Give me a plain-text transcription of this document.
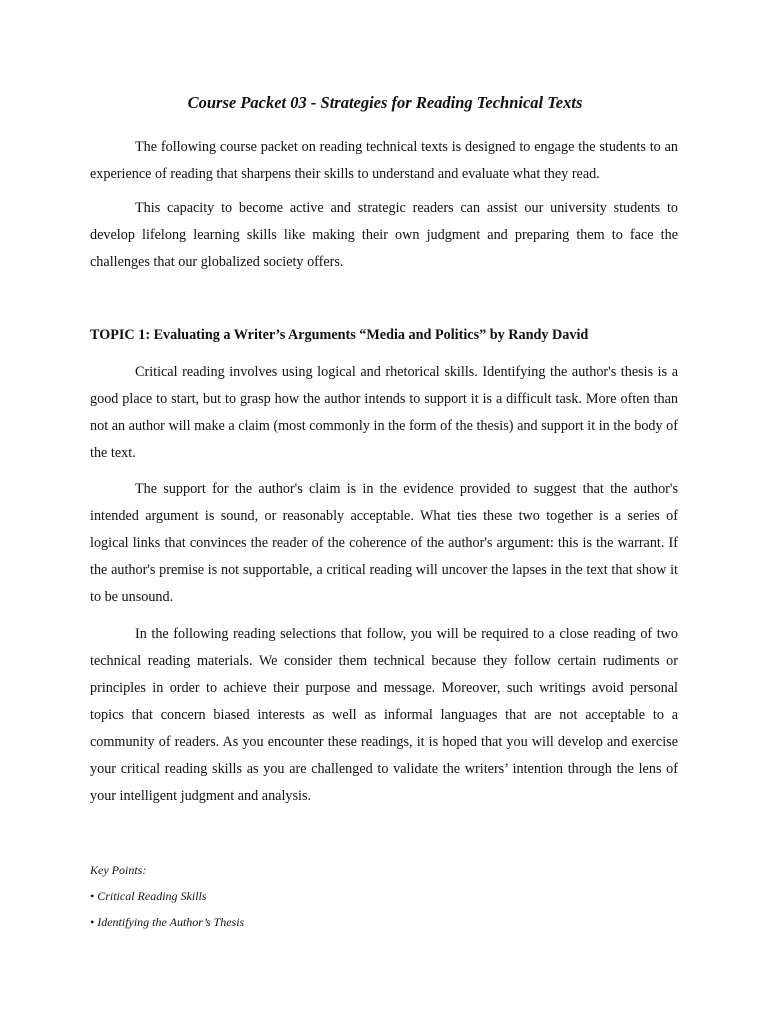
Course Packet 03 - Strategies for Reading Technical Texts

The following course packet on reading technical texts is designed to engage the students to an experience of reading that sharpens their skills to understand and evaluate what they read.

This capacity to become active and strategic readers can assist our university students to develop lifelong learning skills like making their own judgment and preparing them to face the challenges that our globalized society offers.

TOPIC 1: Evaluating a Writer’s Arguments “Media and Politics” by Randy David

Critical reading involves using logical and rhetorical skills. Identifying the author's thesis is a good place to start, but to grasp how the author intends to support it is a difficult task. More often than not an author will make a claim (most commonly in the form of the thesis) and support it in the body of the text.

The support for the author's claim is in the evidence provided to suggest that the author's intended argument is sound, or reasonably acceptable. What ties these two together is a series of logical links that convinces the reader of the coherence of the author's argument: this is the warrant. If the author's premise is not supportable, a critical reading will uncover the lapses in the text that show it to be unsound.

In the following reading selections that follow, you will be required to a close reading of two technical reading materials. We consider them technical because they follow certain rudiments or principles in order to achieve their purpose and message. Moreover, such writings avoid personal topics that concern biased interests as well as informal languages that are not acceptable to a community of readers. As you encounter these readings, it is hoped that you will develop and exercise your critical reading skills as you are challenged to validate the writers’ intention through the lens of your intelligent judgment and analysis.

Key Points:
• Critical Reading Skills
• Identifying the Author’s Thesis
